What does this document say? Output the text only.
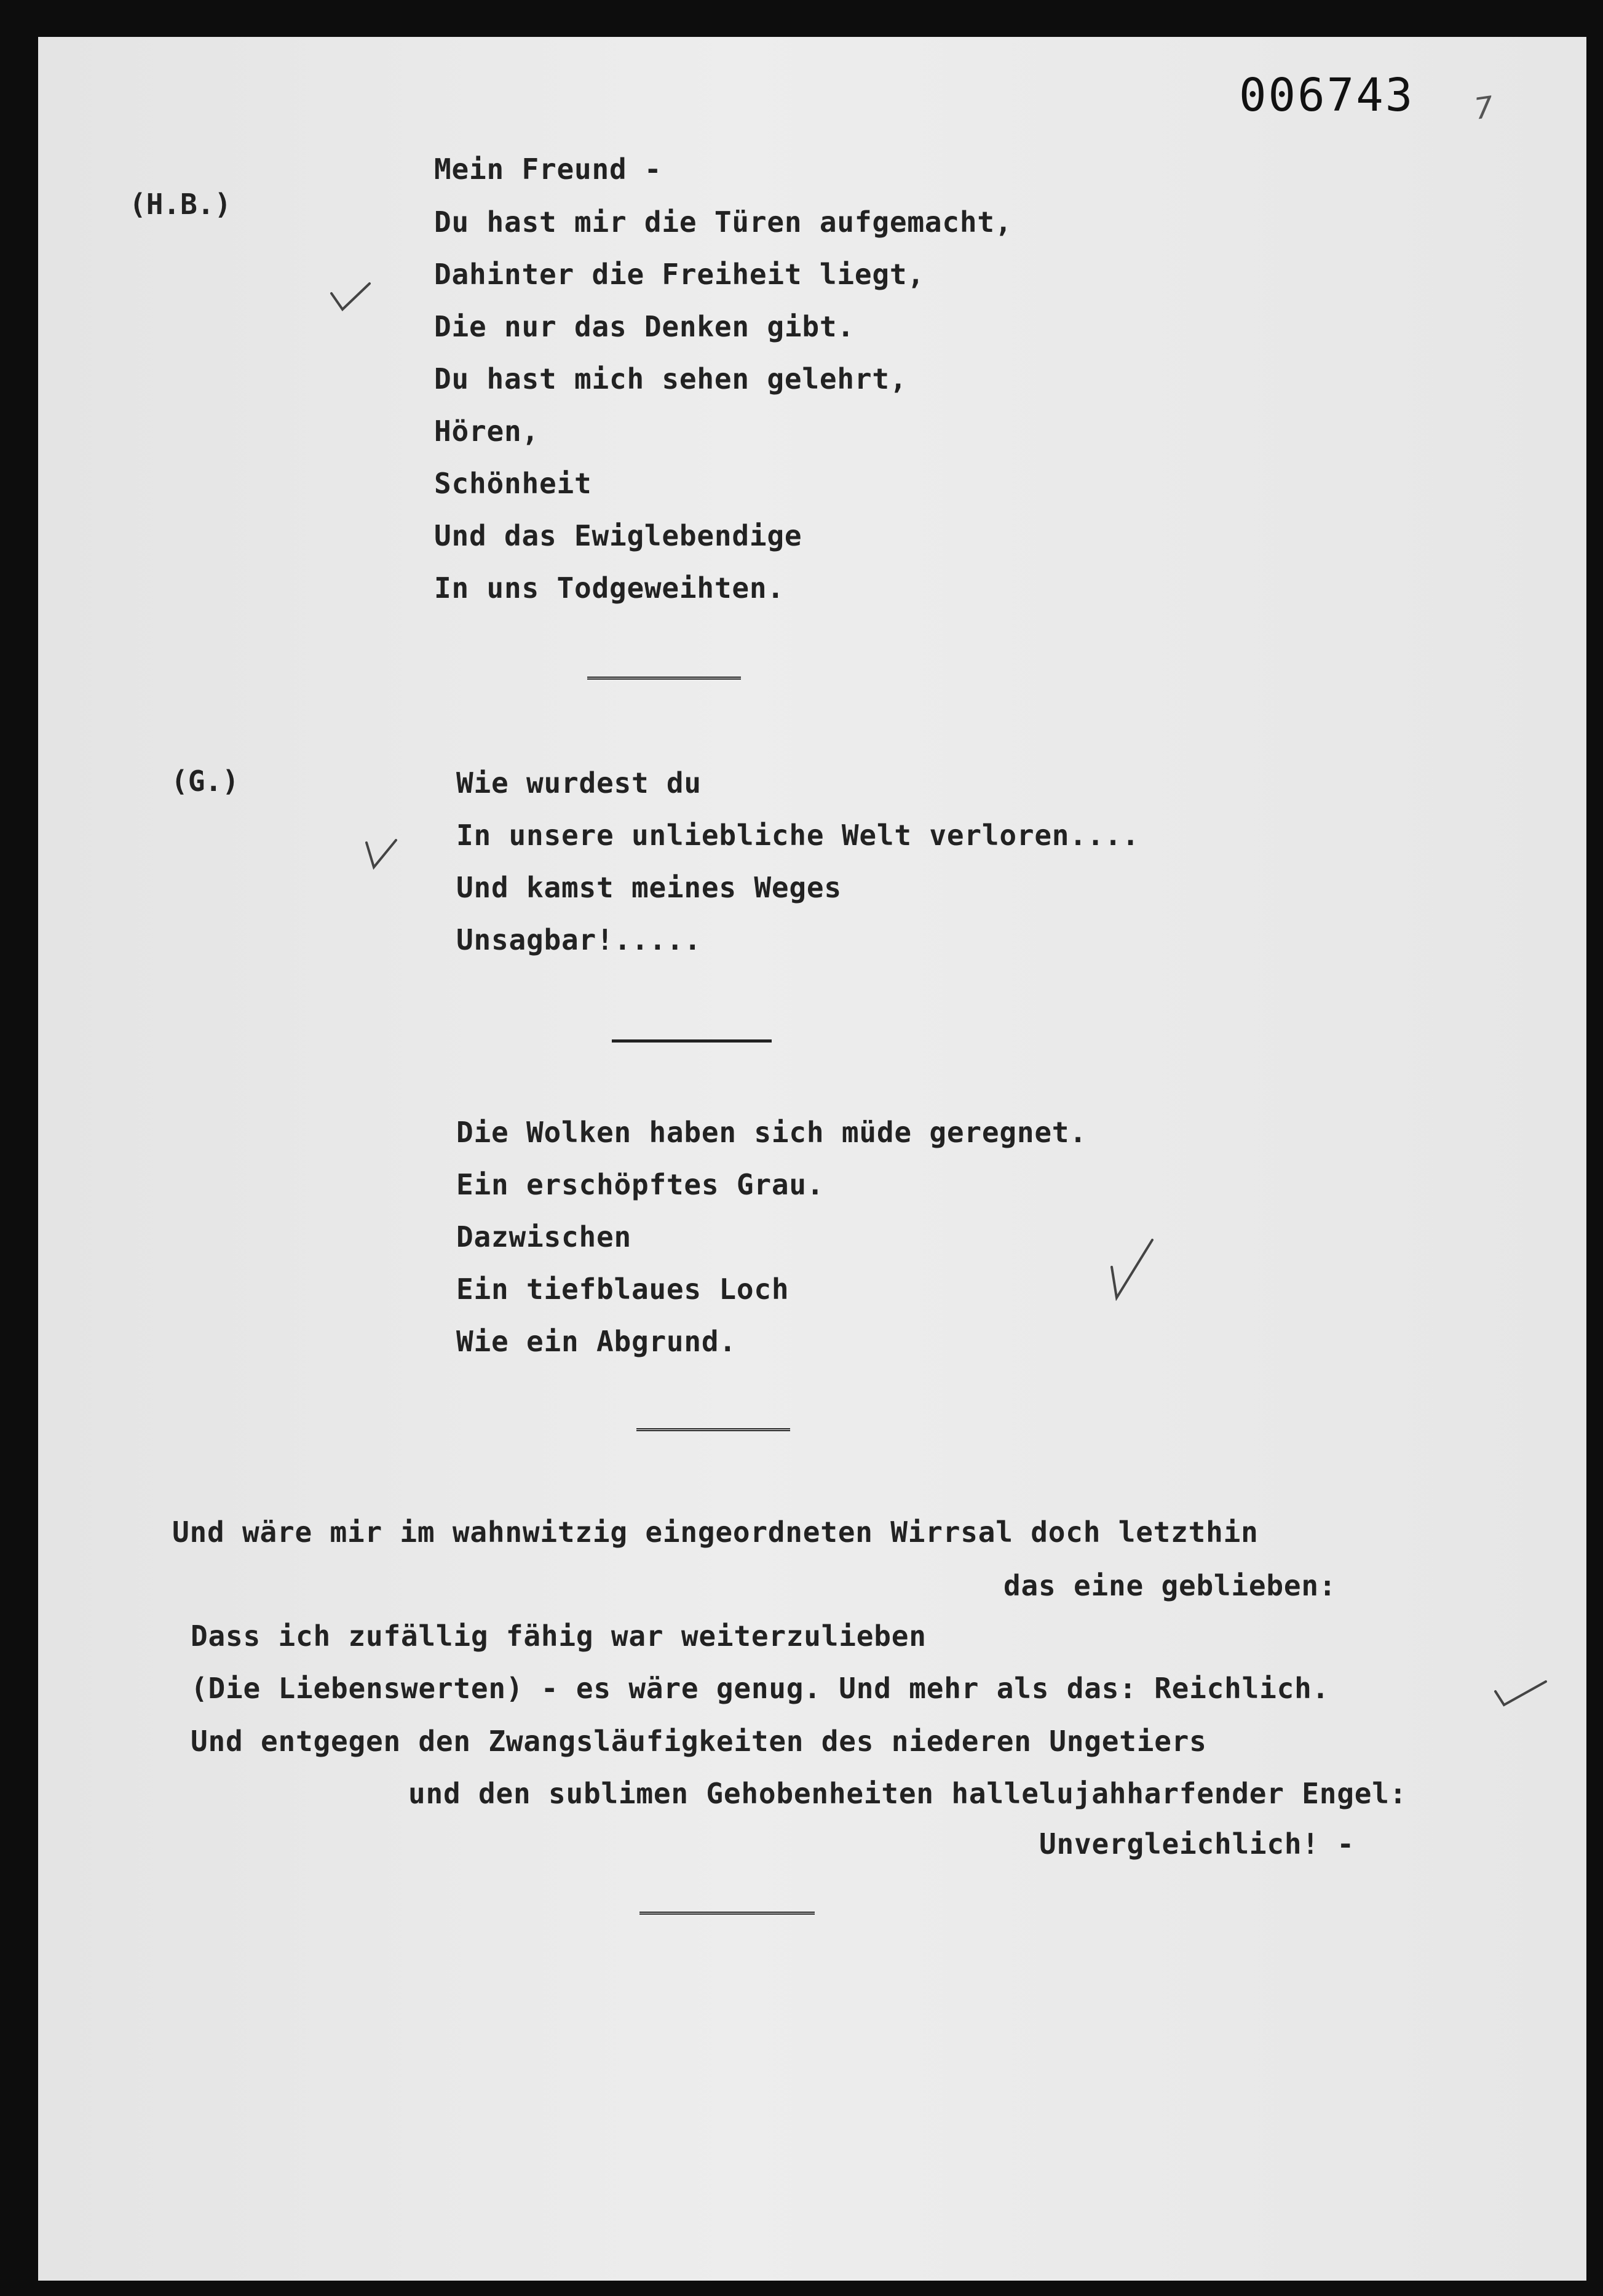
006743 7
(H.B.)

Mein Freund -

Du hast mir die Türen aufgemacht,

Dahinter die Freiheit liegt,

Die nur das Denken gibt.

Du hast mich sehen gelehrt,

Hören,

Schönheit

Und das Ewiglebendige

In uns Todgeweihten.

(G.)	Wie wurdest du

In unsere unliebliche Welt verloren....

Und kamst meines Weges

Unsagbar!.....

Die Wolken haben sich müde geregnet.

Ein erschöpftes Grau.

Dazwischen

Ein tiefblaues Loch

Wie ein Abgrund.

Und wäre mir im wahnwitzig eingeordneten Wirrsal doch letzthin

das eine geblieben:

Dass ich zufällig fähig war weiterzulieben

(Die Liebenswerten) - es wäre genug. Und mehr als das: Reichlich.

Und entgegen den Zwangsläufigkeiten des niederen Ungetiers

und den sublimen Gehobenheiten hallelujahharfender Engel:

Unvergleichlich! -
